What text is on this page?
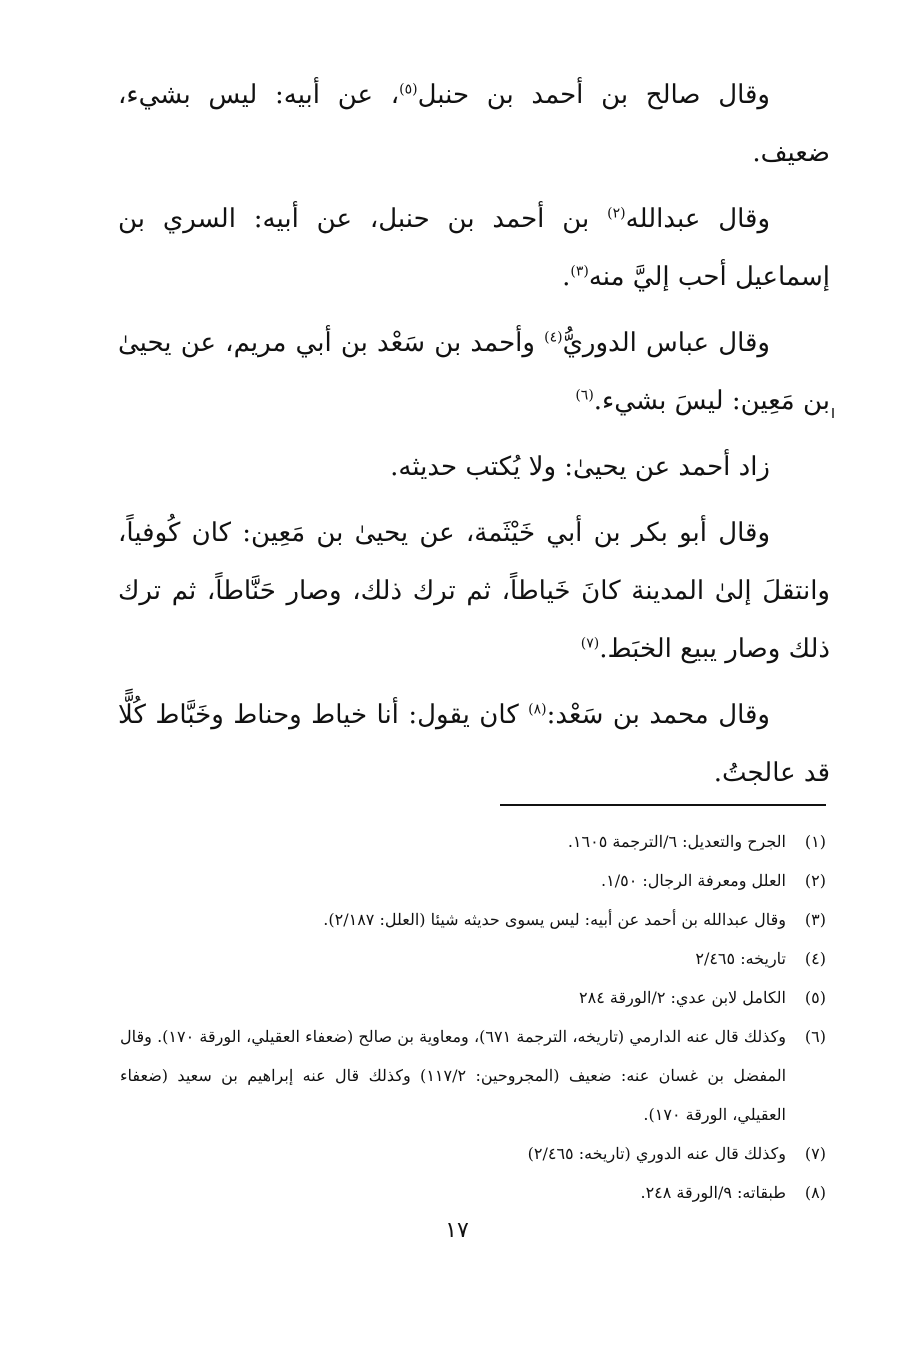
وقال صالح بن أحمد بن حنبل$^{(٥)}$، عن أبيه: ليس بشيء، ضعيف.

وقال عبدالله$^{(٢)}$ بن أحمد بن حنبل، عن أبيه: السري بن إسماعيل أحب إليَّ منه$^{(٣)}$.

وقال عباس الدوريُّ$^{(٤)}$ وأحمد بن سَعْد بن أبي مريم، عن يحيىٰ بن مَعِين: ليسَ بشيء.$^{(٦)}$

زاد أحمد عن يحيىٰ: ولا يُكتب حديثه.

وقال أبو بكر بن أبي خَيْثَمة، عن يحيىٰ بن مَعِين: كان كُوفياً، وانتقلَ إلىٰ المدينة كانَ خَياطاً، ثم ترك ذلك، وصار حَنَّاطاً، ثم ترك ذلك وصار يبيع الخبَط.$^{(٧)}$

وقال محمد بن سَعْد:$^{(٨)}$ كان يقول: أنا خياط وحناط وخَبَّاط كُلًّا قد عالجتُ.

(١)
الجرح والتعديل: ٦/الترجمة ١٦٠٥.
(٢)
العلل ومعرفة الرجال: ١/٥٠.
(٣)
وقال عبدالله بن أحمد عن أبيه: ليس يسوى حديثه شيئا (العلل: ٢/١٨٧).
(٤)
تاريخه: ٢/٤٦٥
(٥)
الكامل لابن عدي: ٢/الورقة ٢٨٤
(٦)
وكذلك قال عنه الدارمي (تاريخه، الترجمة ٦٧١)، ومعاوية بن صالح (ضعفاء العقيلي، الورقة ١٧٠). وقال المفضل بن غسان عنه: ضعيف (المجروحين: ١١٧/٢) وكذلك قال عنه إبراهيم بن سعيد (ضعفاء العقيلي، الورقة ١٧٠).
(٧)
وكذلك قال عنه الدوري (تاريخه: ٢/٤٦٥)
(٨)
طبقاته: ٩/الورقة ٢٤٨.
١٧
